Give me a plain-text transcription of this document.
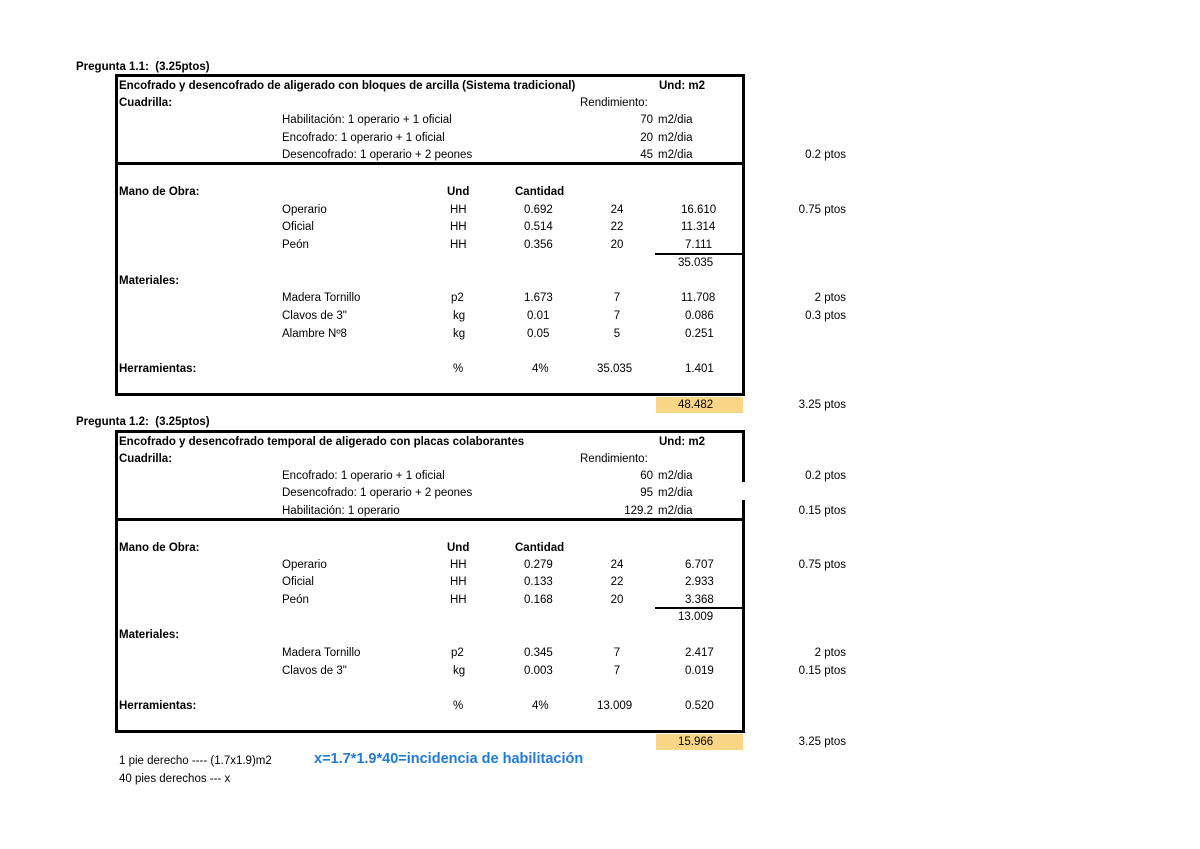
Pregunta 1.1: (3.25ptos)
Encofrado y desencofrado de aligerado con bloques de arcilla (Sistema tradicional)	Und: m2
Cuadrilla:	Rendimiento:
Habilitación: 1 operario + 1 oficial	70 m2/dia
Encofrado: 1 operario + 1 oficial	20 m2/dia
Desencofrado: 1 operario + 2 peones	45 m2/dia	0.2 ptos
Mano de Obra:	Und	Cantidad
Operario	HH	0.692	24	16.610	0.75 ptos
Oficial	HH	0.514	22	11.314
Peón	HH	0.356	20	7.111
35.035
Materiales:
Madera Tornillo	p2	1.673	7	11.708	2 ptos
Clavos de 3"	kg	0.01	7	0.086	0.3 ptos
Alambre Nº8	kg	0.05	5	0.251
Herramientas:	%	4%	35.035	1.401
48.482	3.25 ptos
Pregunta 1.2: (3.25ptos)
Encofrado y desencofrado temporal de aligerado con placas colaborantes	Und: m2
Cuadrilla:	Rendimiento:
Encofrado: 1 operario + 1 oficial	60 m2/dia	0.2 ptos
Desencofrado: 1 operario + 2 peones	95 m2/dia
Habilitación: 1 operario	129.2 m2/dia	0.15 ptos
Mano de Obra:	Und	Cantidad
Operario	HH	0.279	24	6.707	0.75 ptos
Oficial	HH	0.133	22	2.933
Peón	HH	0.168	20	3.368
13.009
Materiales:
Madera Tornillo	p2	0.345	7	2.417	2 ptos
Clavos de 3"	kg	0.003	7	0.019	0.15 ptos
Herramientas:	%	4%	13.009	0.520
15.966	3.25 ptos
1 pie derecho ---- (1.7x1.9)m2
40 pies derechos --- x
x=1.7*1.9*40=incidencia de habilitación
